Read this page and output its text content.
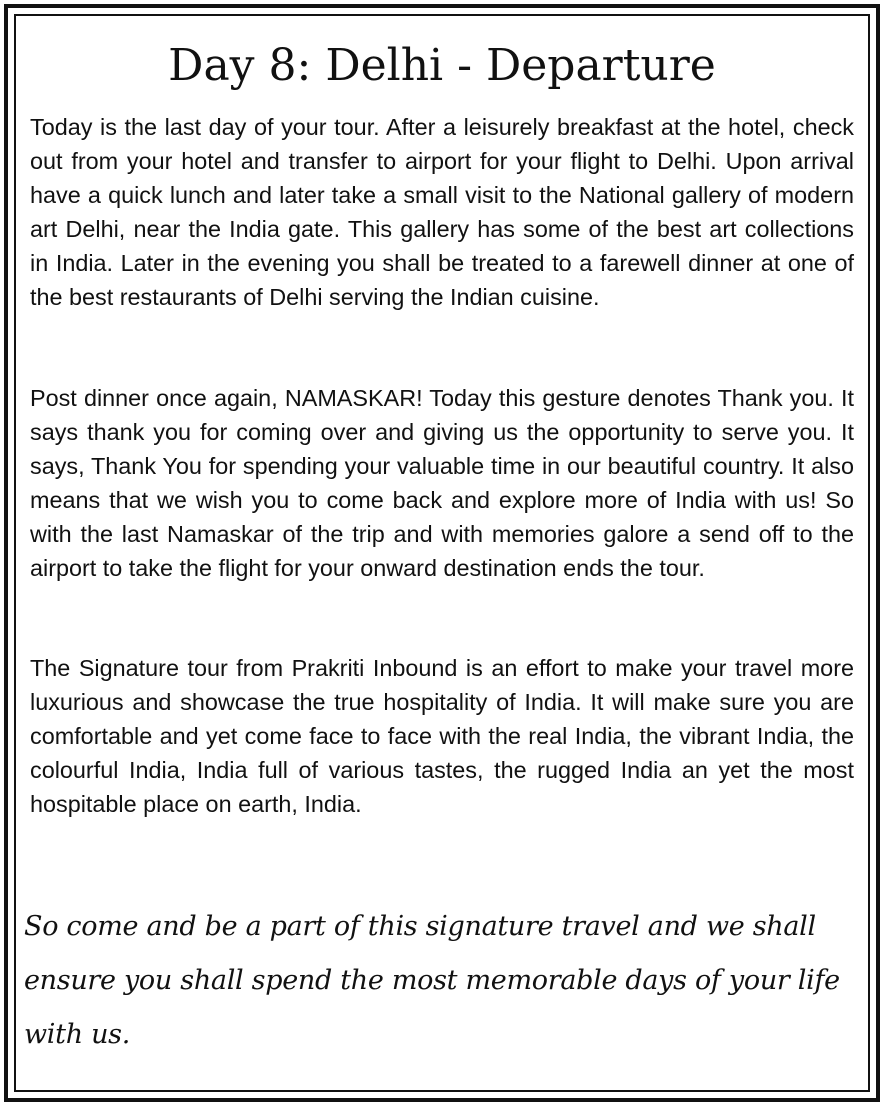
Day 8: Delhi - Departure

Today is the last day of your tour. After a leisurely breakfast at the hotel, check out from your hotel and transfer to airport for your flight to Delhi. Upon arrival have a quick lunch and later take a small visit to the National gallery of modern art Delhi, near the India gate. This gallery has some of the best art collections in India. Later in the evening you shall be treated to a farewell dinner at one of the best restaurants of Delhi serving the Indian cuisine.

Post dinner once again, NAMASKAR! Today this gesture denotes Thank you. It says thank you for coming over and giving us the opportunity to serve you. It says, Thank You for spending your valuable time in our beautiful country. It also means that we wish you to come back and explore more of India with us! So with the last Namaskar of the trip and with memories galore a send off to the airport to take the flight for your onward destination ends the tour.

The Signature tour from Prakriti Inbound is an effort to make your travel more luxurious and showcase the true hospitality of India. It will make sure you are comfortable and yet come face to face with the real India, the vibrant India, the colourful India, India full of various tastes, the rugged India an yet the most hospitable place on earth, India.

So come and be a part of this signature travel and we shall ensure you shall spend the most memorable days of your life with us.
